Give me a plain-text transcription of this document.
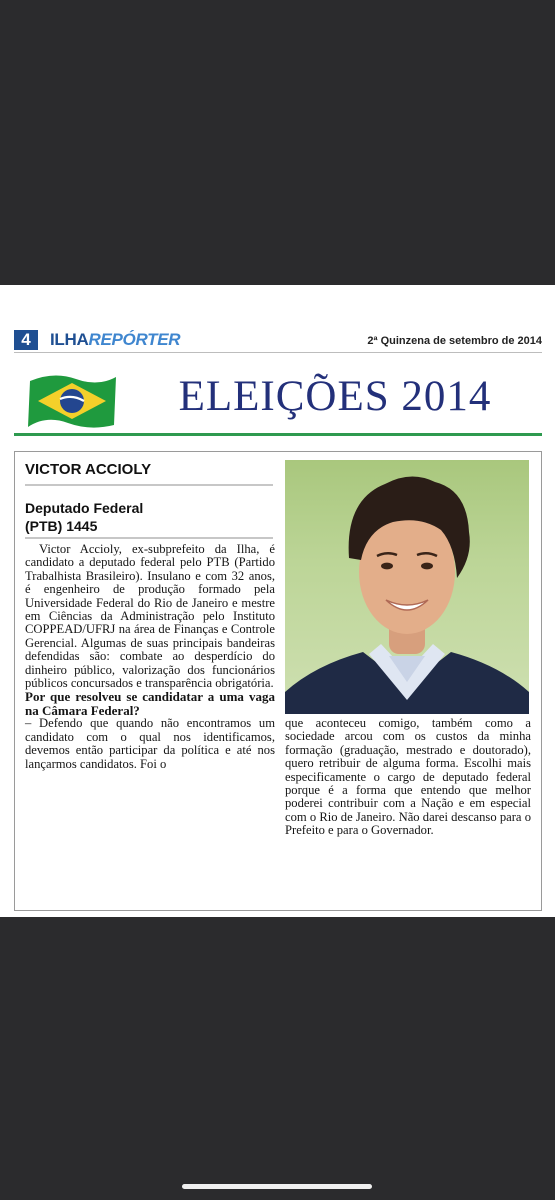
4	ILHAREPÓRTER	2ª Quinzena de setembro de 2014
ELEIÇÕES 2014
VICTOR ACCIOLY
Deputado Federal
(PTB) 1445

Victor Accioly, ex-subprefeito da Ilha, é candidato a deputado federal pelo PTB (Partido Trabalhista Brasileiro). Insulano e com 32 anos, é engenheiro de produção formado pela Universidade Federal do Rio de Janeiro e mestre em Ciências da Administração pelo Instituto COPPEAD/UFRJ na área de Finanças e Controle Gerencial. Algumas de suas principais bandeiras defendidas são: combate ao desperdício do dinheiro público, valorização dos funcionários públicos concursados e transparência obrigatória.

Por que resolveu se candidatar a uma vaga na Câmara Federal?

– Defendo que quando não encontramos um candidato com o qual nos identificamos, devemos então participar da política e até nos lançarmos candidatos. Foi o

que aconteceu comigo, também como a sociedade arcou com os custos da minha formação (graduação, mestrado e doutorado), quero retribuir de alguma forma. Escolhi mais especificamente o cargo de deputado federal porque é a forma que entendo que melhor poderei contribuir com a Nação e em especial com o Rio de Janeiro. Não darei descanso para o Prefeito e para o Governador.
